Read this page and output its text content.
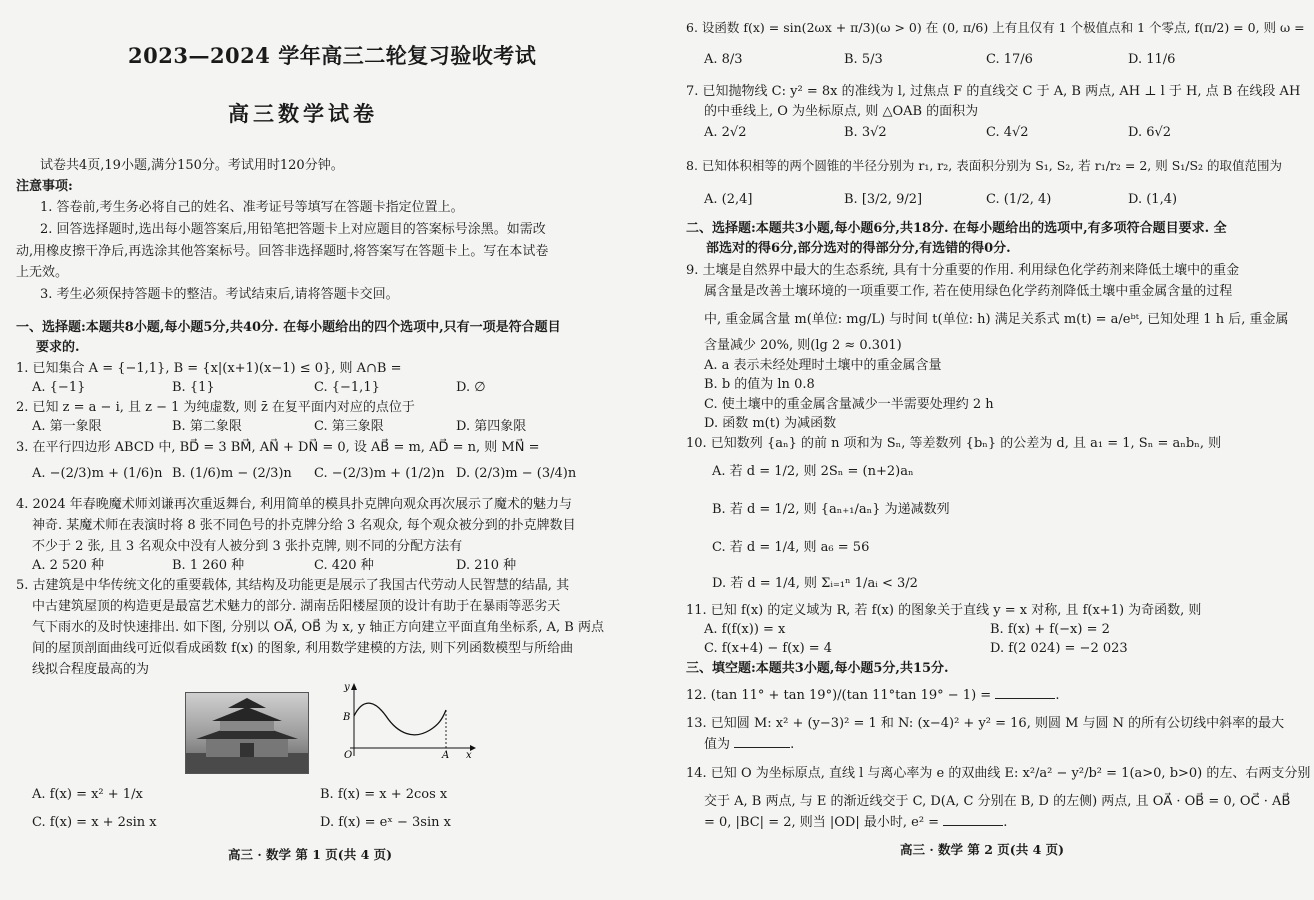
2023—2024 学年高三二轮复习验收考试
高三数学试卷
试卷共4页,19小题,满分150分。考试用时120分钟。
注意事项:
1. 答卷前,考生务必将自己的姓名、准考证号等填写在答题卡指定位置上。
2. 回答选择题时,选出每小题答案后,用铅笔把答题卡上对应题目的答案标号涂黑。如需改
动,用橡皮擦干净后,再选涂其他答案标号。回答非选择题时,将答案写在答题卡上。写在本试卷
上无效。
3. 考生必须保持答题卡的整洁。考试结束后,请将答题卡交回。
一、选择题:本题共8小题,每小题5分,共40分. 在每小题给出的四个选项中,只有一项是符合题目
要求的.
1. 已知集合 A = {−1,1}, B = {x|(x+1)(x−1) ≤ 0}, 则 A∩B =
A. {−1}	B. {1}	C. {−1,1}	D. ∅
2. 已知 z = a − i, 且 z − 1 为纯虚数, 则 z̄ 在复平面内对应的点位于
A. 第一象限	B. 第二象限	C. 第三象限	D. 第四象限
3. 在平行四边形 ABCD 中, BD⃗ = 3 BM⃗, AN⃗ + DN⃗ = 0, 设 AB⃗ = m, AD⃗ = n, 则 MN⃗ =
A. −(2/3)m + (1/6)n B. (1/6)m − (2/3)n C. −(2/3)m + (1/2)n D. (2/3)m − (3/4)n
4. 2024 年春晚魔术师刘谦再次重返舞台, 利用简单的模具扑克牌向观众再次展示了魔术的魅力与
神奇. 某魔术师在表演时将 8 张不同色号的扑克牌分给 3 名观众, 每个观众被分到的扑克牌数目
不少于 2 张, 且 3 名观众中没有人被分到 3 张扑克牌, 则不同的分配方法有
A. 2 520 种	B. 1 260 种	C. 420 种	D. 210 种
5. 古建筑是中华传统文化的重要载体, 其结构及功能更是展示了我国古代劳动人民智慧的结晶, 其
中古建筑屋顶的构造更是最富艺术魅力的部分. 湖南岳阳楼屋顶的设计有助于在暴雨等恶劣天
气下雨水的及时快速排出. 如下图, 分别以 OA⃗, OB⃗ 为 x, y 轴正方向建立平面直角坐标系, A, B 两点
间的屋顶剖面曲线可近似看成函数 f(x) 的图象, 利用数学建模的方法, 则下列函数模型与所给曲
线拟合程度最高的为
y
x
O	A
B
A. f(x) = x² + 1/x	B. f(x) = x + 2cos x
C. f(x) = x + 2sin x	D. f(x) = eˣ − 3sin x
高三 · 数学 第 1 页(共 4 页)
6. 设函数 f(x) = sin(2ωx + π/3)(ω > 0) 在 (0, π/6) 上有且仅有 1 个极值点和 1 个零点, f(π/2) = 0, 则 ω =
A. 8/3	B. 5/3	C. 17/6	D. 11/6
7. 已知抛物线 C: y² = 8x 的准线为 l, 过焦点 F 的直线交 C 于 A, B 两点, AH ⊥ l 于 H, 点 B 在线段 AH
的中垂线上, O 为坐标原点, 则 △OAB 的面积为
A. 2√2	B. 3√2	C. 4√2	D. 6√2
8. 已知体积相等的两个圆锥的半径分别为 r₁, r₂, 表面积分别为 S₁, S₂, 若 r₁/r₂ = 2, 则 S₁/S₂ 的取值范围为
A. (2,4]	B. [3/2, 9/2]	C. (1/2, 4)	D. (1,4)
二、选择题:本题共3小题,每小题6分,共18分. 在每小题给出的选项中,有多项符合题目要求. 全
部选对的得6分,部分选对的得部分分,有选错的得0分.
9. 土壤是自然界中最大的生态系统, 具有十分重要的作用. 利用绿色化学药剂来降低土壤中的重金
属含量是改善土壤环境的一项重要工作, 若在使用绿色化学药剂降低土壤中重金属含量的过程
中, 重金属含量 m(单位: mg/L) 与时间 t(单位: h) 满足关系式 m(t) = a/eᵇᵗ, 已知处理 1 h 后, 重金属
含量减少 20%, 则(lg 2 ≈ 0.301)
A. a 表示未经处理时土壤中的重金属含量
B. b 的值为 ln 0.8
C. 使土壤中的重金属含量减少一半需要处理约 2 h
D. 函数 m(t) 为减函数
10. 已知数列 {aₙ} 的前 n 项和为 Sₙ, 等差数列 {bₙ} 的公差为 d, 且 a₁ = 1, Sₙ = aₙbₙ, 则
A. 若 d = 1/2, 则 2Sₙ = (n+2)aₙ
B. 若 d = 1/2, 则 {aₙ₊₁/aₙ} 为递减数列
C. 若 d = 1/4, 则 a₆ = 56
D. 若 d = 1/4, 则 Σᵢ₌₁ⁿ 1/aᵢ < 3/2
11. 已知 f(x) 的定义域为 R, 若 f(x) 的图象关于直线 y = x 对称, 且 f(x+1) 为奇函数, 则
A. f(f(x)) = x	B. f(x) + f(−x) = 2
C. f(x+4) − f(x) = 4	D. f(2 024) = −2 023
三、填空题:本题共3小题,每小题5分,共15分.
12. (tan 11° + tan 19°)/(tan 11°tan 19° − 1) =	.
13. 已知圆 M: x² + (y−3)² = 1 和 N: (x−4)² + y² = 16, 则圆 M 与圆 N 的所有公切线中斜率的最大
值为	.
14. 已知 O 为坐标原点, 直线 l 与离心率为 e 的双曲线 E: x²/a² − y²/b² = 1(a>0, b>0) 的左、右两支分别
交于 A, B 两点, 与 E 的渐近线交于 C, D(A, C 分别在 B, D 的左侧) 两点, 且 OA⃗ · OB⃗ = 0, OC⃗ · AB⃗
= 0, |BC| = 2, 则当 |OD| 最小时, e² =	.
高三 · 数学 第 2 页(共 4 页)
